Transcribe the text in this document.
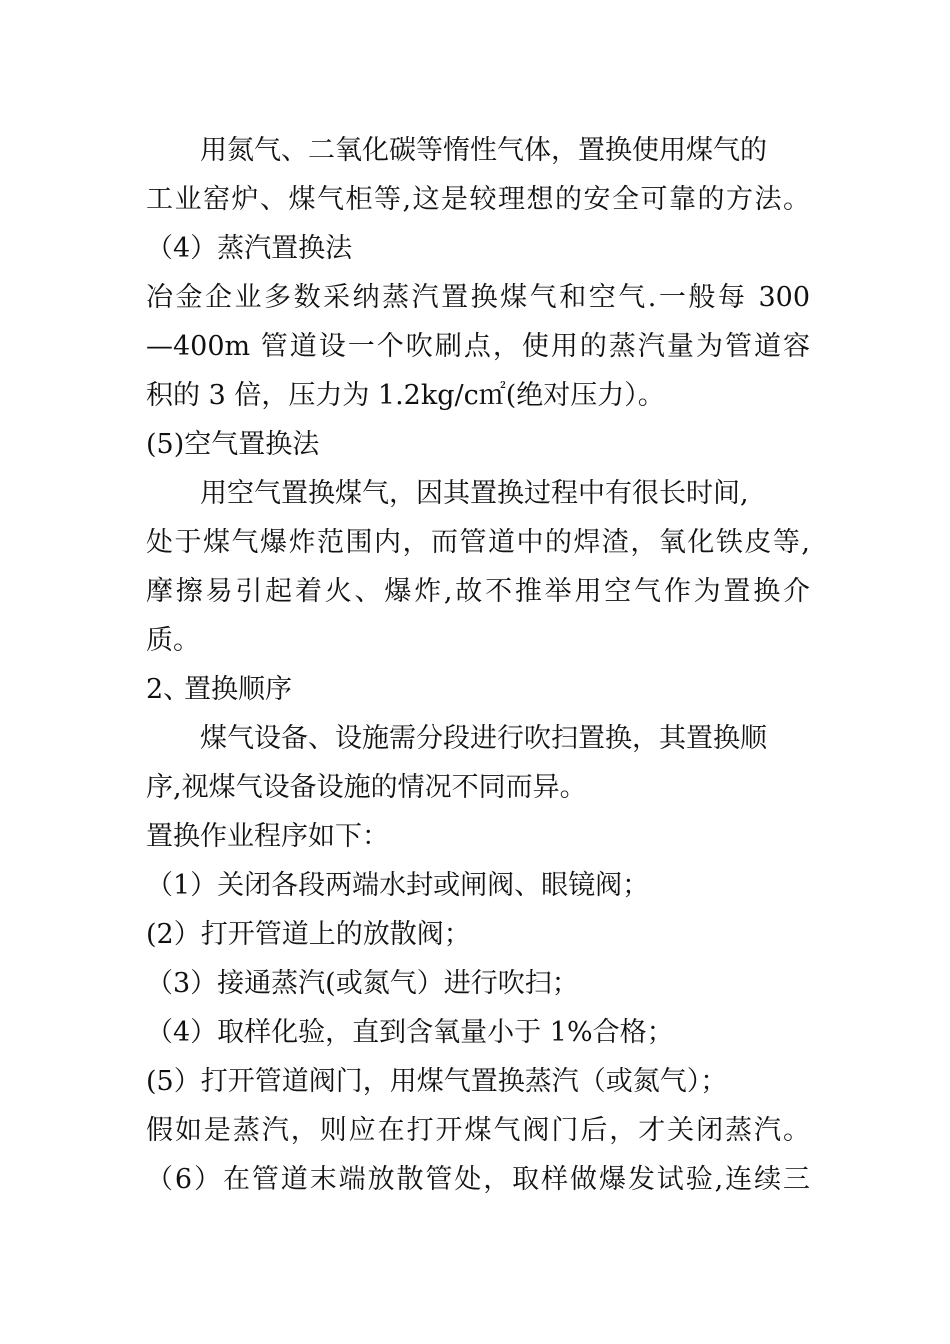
用氮气、二氧化碳等惰性气体，置换使用煤气的
工业窑炉、煤气柜等,这是较理想的安全可靠的方法。
（4）蒸汽置换法
冶金企业多数采纳蒸汽置换煤气和空气.一般每 300
—400m 管道设一个吹刷点，使用的蒸汽量为管道容
积的 3 倍，压力为 1.2kg/c㎡(绝对压力）。
(5)空气置换法
用空气置换煤气，因其置换过程中有很长时间,
处于煤气爆炸范围内，而管道中的焊渣，氧化铁皮等,
摩擦易引起着火、爆炸,故不推举用空气作为置换介
质。
2、置换顺序
煤气设备、设施需分段进行吹扫置换，其置换顺
序,视煤气设备设施的情况不同而异。
置换作业程序如下：
（1）关闭各段两端水封或闸阀、眼镜阀；
(2）打开管道上的放散阀；
（3）接通蒸汽(或氮气）进行吹扫；
（4）取样化验，直到含氧量小于 1%合格；
(5）打开管道阀门，用煤气置换蒸汽（或氮气）；
假如是蒸汽，则应在打开煤气阀门后，才关闭蒸汽。
（6）在管道末端放散管处，取样做爆发试验,连续三
